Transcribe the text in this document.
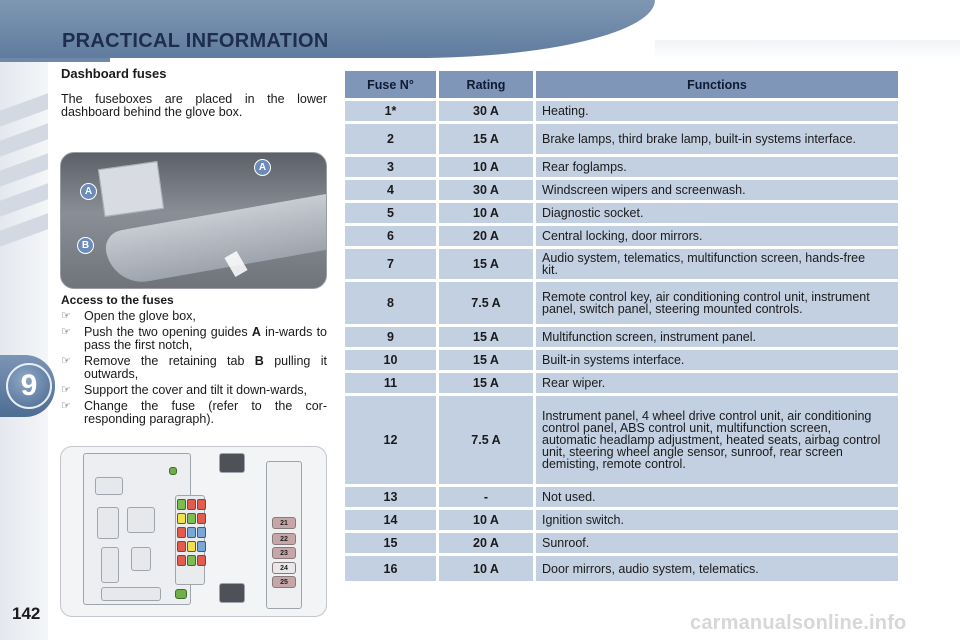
PRACTICAL INFORMATION
9
142
Dashboard fuses
The fuseboxes are placed in the lower dashboard behind the glove box.
A
A
B
Access to the fuses
☞ Open the glove box,
☞ Push the two opening guides A in-wards to pass the first notch,
☞ Remove the retaining tab B pulling it outwards,
☞ Support the cover and tilt it down-wards,
☞ Change the fuse (refer to the cor-responding paragraph).
21
22
23
24
25
Fuse N°	Rating	Functions
1*	30 A	Heating.
2	15 A	Brake lamps, third brake lamp, built-in systems interface.
3	10 A	Rear foglamps.
4	30 A	Windscreen wipers and screenwash.
5	10 A	Diagnostic socket.
6	20 A	Central locking, door mirrors.
7	15 A	Audio system, telematics, multifunction screen, hands-free kit.
8	7.5 A	Remote control key, air conditioning control unit, instrument panel, switch panel, steering mounted controls.
9	15 A	Multifunction screen, instrument panel.
10	15 A	Built-in systems interface.
11	15 A	Rear wiper.
12	7.5 A	Instrument panel, 4 wheel drive control unit, air conditioning control panel, ABS control unit, multifunction screen, automatic headlamp adjustment, heated seats, airbag control unit, steering wheel angle sensor, sunroof, rear screen demisting, remote control.
13	-	Not used.
14	10 A	Ignition switch.
15	20 A	Sunroof.
16	10 A	Door mirrors, audio system, telematics.
carmanualsonline.info
